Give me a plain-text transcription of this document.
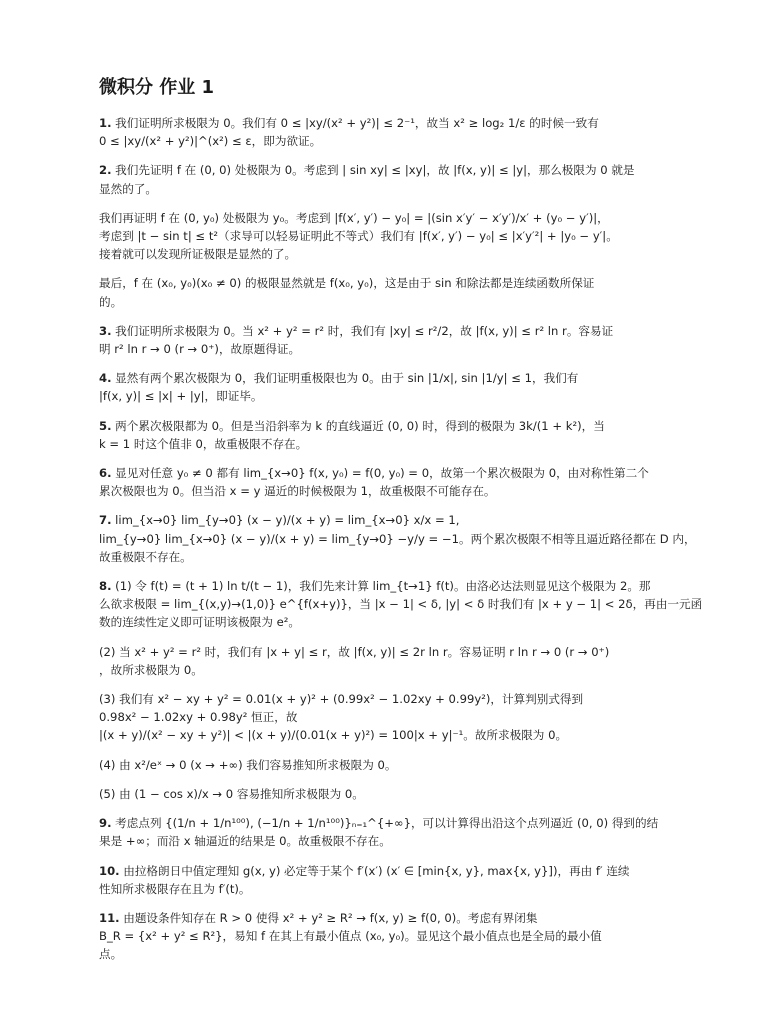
微积分 作业 1
1. 我们证明所求极限为 0。我们有 0 ≤ |xy/(x² + y²)| ≤ 2⁻¹，故当 x² ≥ log₂ 1/ε 的时候一致有
0 ≤ |xy/(x² + y²)|^(x²) ≤ ε，即为欲证。
2. 我们先证明 f 在 (0, 0) 处极限为 0。考虑到 | sin xy| ≤ |xy|，故 |f(x, y)| ≤ |y|，那么极限为 0 就是
显然的了。
我们再证明 f 在 (0, y₀) 处极限为 y₀。考虑到 |f(x′, y′) − y₀| = |(sin x′y′ − x′y′)/x′ + (y₀ − y′)|，
考虑到 |t − sin t| ≤ t²（求导可以轻易证明此不等式）我们有 |f(x′, y′) − y₀| ≤ |x′y′²| + |y₀ − y′|。
接着就可以发现所证极限是显然的了。
最后，f 在 (x₀, y₀)(x₀ ≠ 0) 的极限显然就是 f(x₀, y₀)，这是由于 sin 和除法都是连续函数所保证
的。
3. 我们证明所求极限为 0。当 x² + y² = r² 时，我们有 |xy| ≤ r²/2，故 |f(x, y)| ≤ r² ln r。容易证
明 r² ln r → 0 (r → 0⁺)，故原题得证。
4. 显然有两个累次极限为 0，我们证明重极限也为 0。由于 sin |1/x|, sin |1/y| ≤ 1，我们有
|f(x, y)| ≤ |x| + |y|，即证毕。
5. 两个累次极限都为 0。但是当沿斜率为 k 的直线逼近 (0, 0) 时，得到的极限为 3k/(1 + k²)，当
k = 1 时这个值非 0，故重极限不存在。
6. 显见对任意 y₀ ≠ 0 都有 lim_{x→0} f(x, y₀) = f(0, y₀) = 0，故第一个累次极限为 0，由对称性第二个
累次极限也为 0。但当沿 x = y 逼近的时候极限为 1，故重极限不可能存在。
7. lim_{x→0} lim_{y→0} (x − y)/(x + y) = lim_{x→0} x/x = 1,
lim_{y→0} lim_{x→0} (x − y)/(x + y) = lim_{y→0} −y/y = −1。两个累次极限不相等且逼近路径都在 D 内，
故重极限不存在。
8. (1) 令 f(t) = (t + 1) ln t/(t − 1)，我们先来计算 lim_{t→1} f(t)。由洛必达法则显见这个极限为 2。那
么欲求极限 = lim_{(x,y)→(1,0)} e^{f(x+y)}，当 |x − 1| < δ, |y| < δ 时我们有 |x + y − 1| < 2δ，再由一元函
数的连续性定义即可证明该极限为 e²。
(2) 当 x² + y² = r² 时，我们有 |x + y| ≤ r，故 |f(x, y)| ≤ 2r ln r。容易证明 r ln r → 0 (r → 0⁺)
，故所求极限为 0。
(3) 我们有 x² − xy + y² = 0.01(x + y)² + (0.99x² − 1.02xy + 0.99y²)，计算判别式得到
0.98x² − 1.02xy + 0.98y² 恒正，故
|(x + y)/(x² − xy + y²)| < |(x + y)/(0.01(x + y)²) = 100|x + y|⁻¹。故所求极限为 0。
(4) 由 x²/eˣ → 0 (x → +∞) 我们容易推知所求极限为 0。
(5) 由 (1 − cos x)/x → 0 容易推知所求极限为 0。
9. 考虑点列 {(1/n + 1/n¹⁰⁰), (−1/n + 1/n¹⁰⁰)}ₙ₌₁^{+∞}，可以计算得出沿这个点列逼近 (0, 0) 得到的结
果是 +∞；而沿 x 轴逼近的结果是 0。故重极限不存在。
10. 由拉格朗日中值定理知 g(x, y) 必定等于某个 f′(x′) (x′ ∈ [min{x, y}, max{x, y}])，再由 f′ 连续
性知所求极限存在且为 f′(t)。
11. 由题设条件知存在 R > 0 使得 x² + y² ≥ R² → f(x, y) ≥ f(0, 0)。考虑有界闭集
B_R = {x² + y² ≤ R²}，易知 f 在其上有最小值点 (x₀, y₀)。显见这个最小值点也是全局的最小值
点。
